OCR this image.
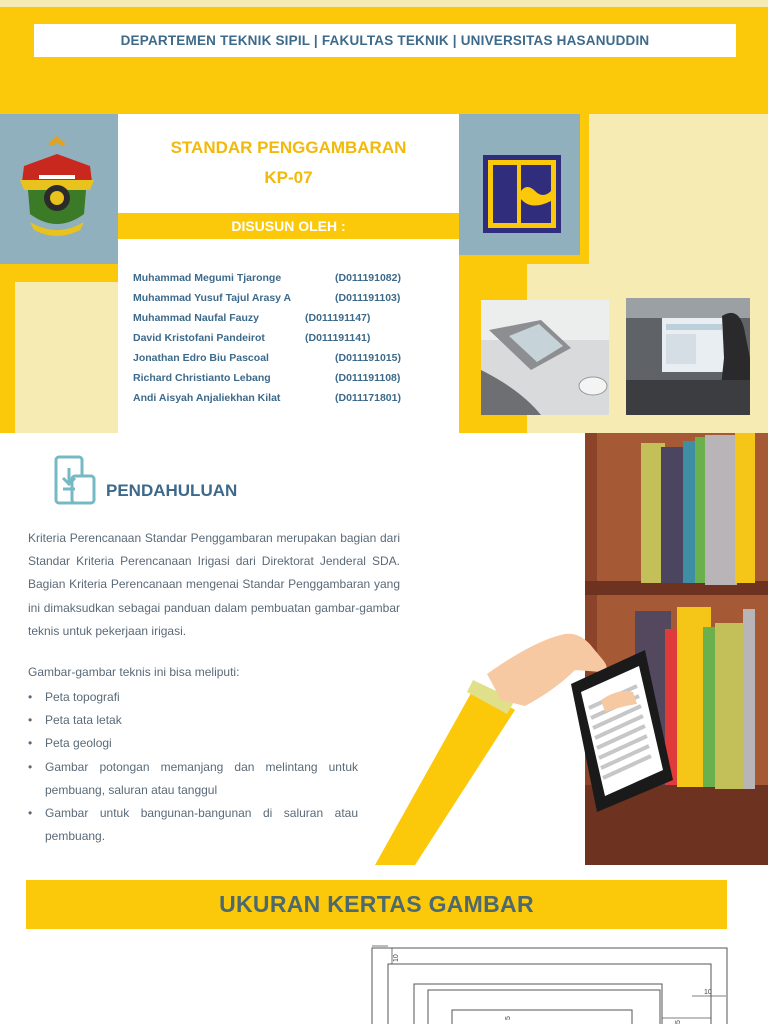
DEPARTEMEN TEKNIK SIPIL | FAKULTAS TEKNIK | UNIVERSITAS HASANUDDIN
STANDAR PENGGAMBARAN
KP-07
DISUSUN OLEH :
Muhammad Megumi Tjaronge	(D011191082)
Muhammad Yusuf Tajul Arasy A	(D011191103)
Muhammad Naufal Fauzy	(D011191147)
David Kristofani Pandeirot	(D011191141)
Jonathan Edro Biu Pascoal	(D011191015)
Richard Christianto Lebang	(D011191108)
Andi Aisyah Anjaliekhan Kilat	(D011171801)
PENDAHULUAN
Kriteria Perencanaan Standar Penggambaran merupakan bagian dari Standar Kriteria Perencanaan Irigasi dari Direktorat Jenderal SDA. Bagian Kriteria Perencanaan mengenai Standar Penggambaran yang ini dimaksudkan sebagai panduan dalam pembuatan gambar-gambar teknis untuk pekerjaan irigasi.
Gambar-gambar teknis ini bisa meliputi:
• Peta topografi
• Peta tata letak
• Peta geologi
• Gambar potongan memanjang dan melintang untuk pembuang, saluran atau tanggul
• Gambar untuk bangunan-bangunan di saluran atau pembuang.
UKURAN KERTAS GAMBAR
10
10
5
5
